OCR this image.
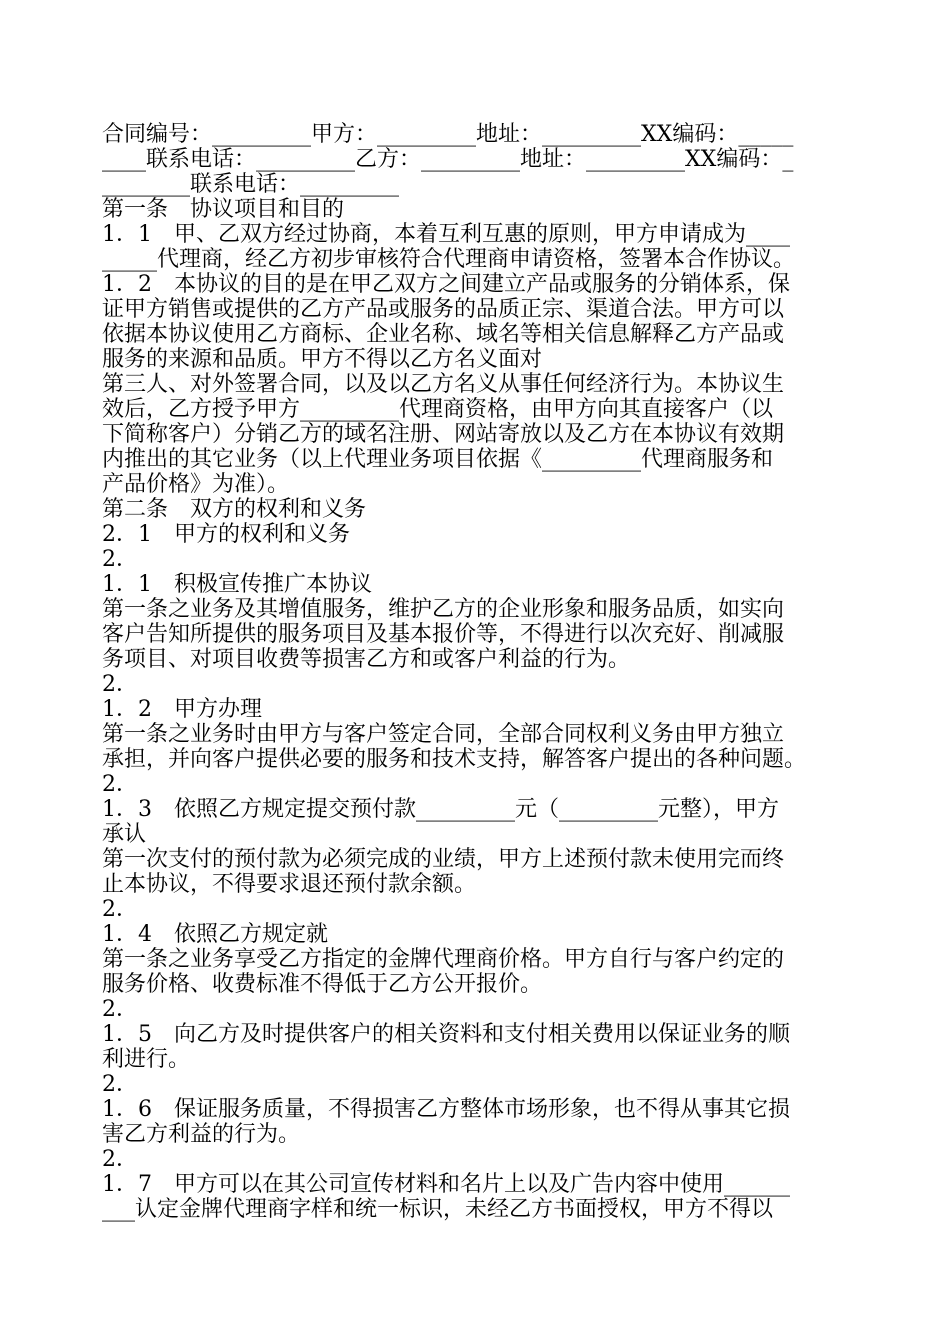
合同编号：_________甲方：_________地址：_________XX编码：_____
____联系电话：_________乙方：_________地址：_________XX编码：_
________联系电话：_________
第一条　协议项目和目的
1．1　甲、乙双方经过协商，本着互利互惠的原则，甲方申请成为____
_____代理商，经乙方初步审核符合代理商申请资格，签署本合作协议。
1．2　本协议的目的是在甲乙双方之间建立产品或服务的分销体系，保
证甲方销售或提供的乙方产品或服务的品质正宗、渠道合法。甲方可以
依据本协议使用乙方商标、企业名称、域名等相关信息解释乙方产品或
服务的来源和品质。甲方不得以乙方名义面对
第三人、对外签署合同，以及以乙方名义从事任何经济行为。本协议生
效后，乙方授予甲方_________代理商资格，由甲方向其直接客户（以
下简称客户）分销乙方的域名注册、网站寄放以及乙方在本协议有效期
内推出的其它业务（以上代理业务项目依据《_________代理商服务和
产品价格》为准）。
第二条　双方的权利和义务
2．1　甲方的权利和义务
2．
1．1　积极宣传推广本协议
第一条之业务及其增值服务，维护乙方的企业形象和服务品质，如实向
客户告知所提供的服务项目及基本报价等，不得进行以次充好、削减服
务项目、对项目收费等损害乙方和或客户利益的行为。
2．
1．2　甲方办理
第一条之业务时由甲方与客户签定合同，全部合同权利义务由甲方独立
承担，并向客户提供必要的服务和技术支持，解答客户提出的各种问题。
2．
1．3　依照乙方规定提交预付款_________元（_________元整），甲方
承认
第一次支付的预付款为必须完成的业绩，甲方上述预付款未使用完而终
止本协议，不得要求退还预付款余额。
2．
1．4　依照乙方规定就
第一条之业务享受乙方指定的金牌代理商价格。甲方自行与客户约定的
服务价格、收费标准不得低于乙方公开报价。
2．
1．5　向乙方及时提供客户的相关资料和支付相关费用以保证业务的顺
利进行。
2．
1．6　保证服务质量，不得损害乙方整体市场形象，也不得从事其它损
害乙方利益的行为。
2．
1．7　甲方可以在其公司宣传材料和名片上以及广告内容中使用______
___认定金牌代理商字样和统一标识，未经乙方书面授权，甲方不得以
